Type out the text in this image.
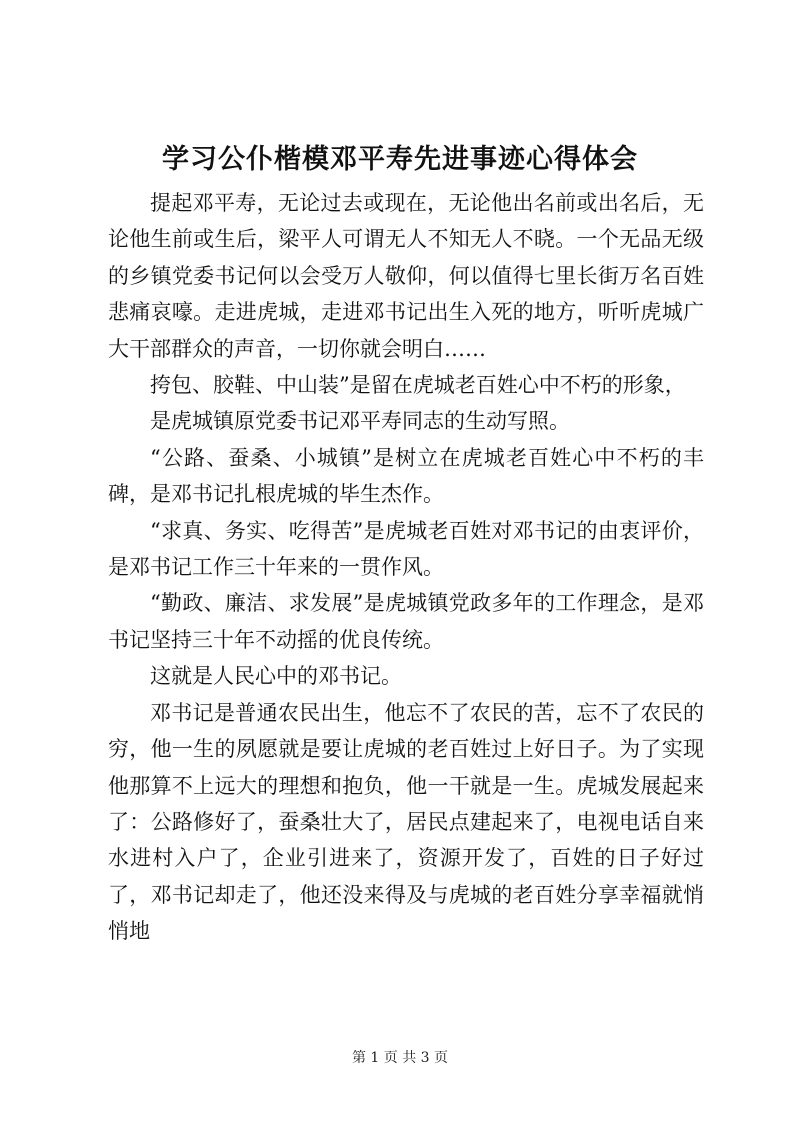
学习公仆楷模邓平寿先进事迹心得体会

提起邓平寿，无论过去或现在，无论他出名前或出名后，无论他生前或生后，梁平人可谓无人不知无人不晓。一个无品无级的乡镇党委书记何以会受万人敬仰，何以值得七里长街万名百姓悲痛哀嚎。走进虎城，走进邓书记出生入死的地方，听听虎城广大干部群众的声音，一切你就会明白……

挎包、胶鞋、中山装”是留在虎城老百姓心中不朽的形象，

是虎城镇原党委书记邓平寿同志的生动写照。

“公路、蚕桑、小城镇”是树立在虎城老百姓心中不朽的丰碑，是邓书记扎根虎城的毕生杰作。

“求真、务实、吃得苦”是虎城老百姓对邓书记的由衷评价，是邓书记工作三十年来的一贯作风。

“勤政、廉洁、求发展”是虎城镇党政多年的工作理念，是邓书记坚持三十年不动摇的优良传统。

这就是人民心中的邓书记。

邓书记是普通农民出生，他忘不了农民的苦，忘不了农民的穷，他一生的夙愿就是要让虎城的老百姓过上好日子。为了实现他那算不上远大的理想和抱负，他一干就是一生。虎城发展起来了：公路修好了，蚕桑壮大了，居民点建起来了，电视电话自来水进村入户了，企业引进来了，资源开发了，百姓的日子好过了，邓书记却走了，他还没来得及与虎城的老百姓分享幸福就悄悄地

第 1 页 共 3 页
